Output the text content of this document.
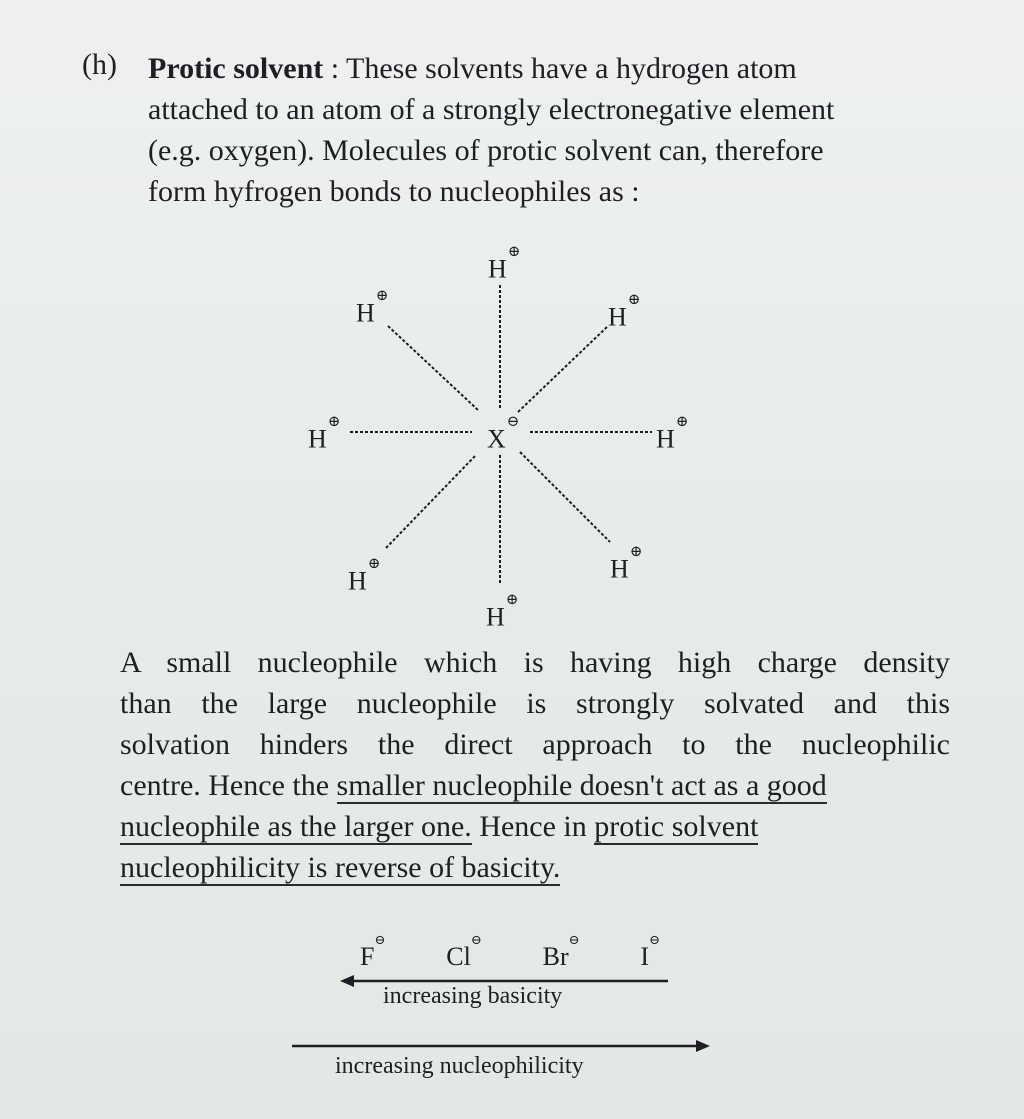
(h) Protic solvent : These solvents have a hydrogen atom
attached to an atom of a strongly electronegative element
(e.g. oxygen). Molecules of protic solvent can, therefore
form hyfrogen bonds to nucleophiles as :
X⊖
H⊕
H⊕
H⊕
H⊕
H⊕
H⊕	H⊕
H⊕
A small nucleophile which is having high charge density
than the large nucleophile is strongly solvated and this
solvation hinders the direct approach to the nucleophilic
centre. Hence the smaller nucleophile doesn't act as a good
nucleophile as the larger one. Hence in protic solvent
nucleophilicity is reverse of basicity.
F⊖
Cl⊖
Br⊖
I⊖
increasing basicity
increasing nucleophilicity
